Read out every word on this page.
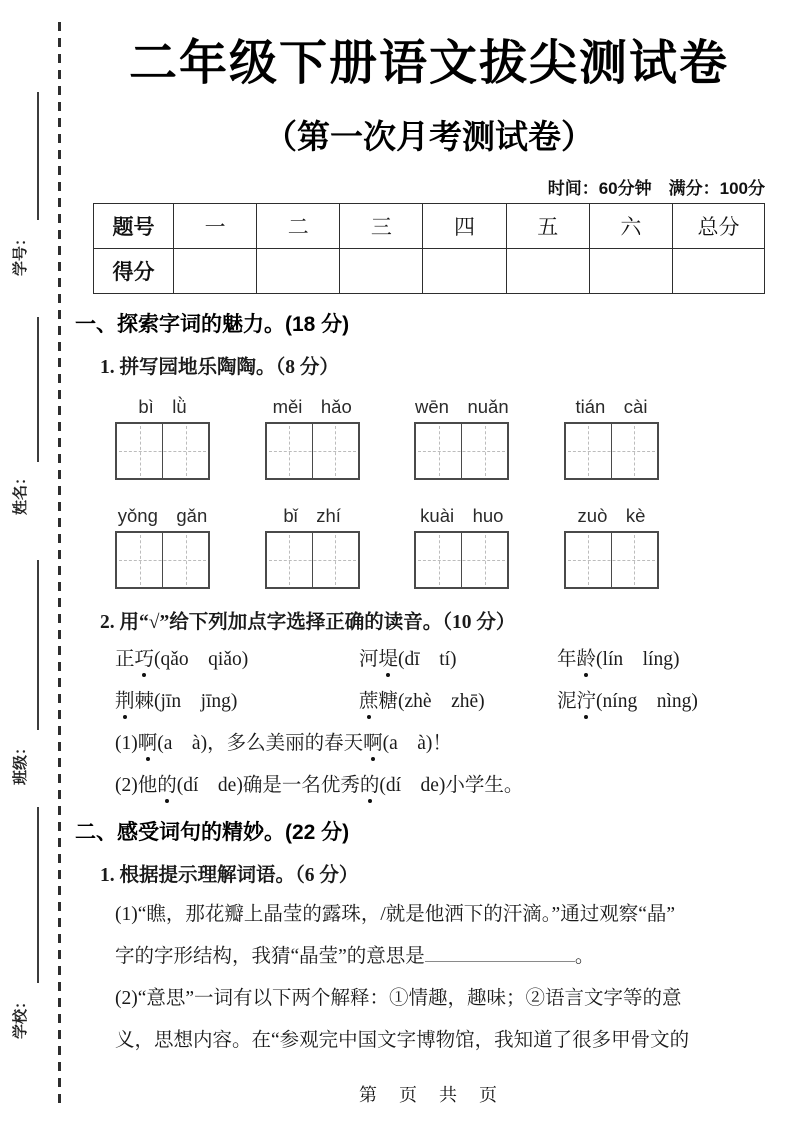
学号：
姓名：
班级：
学校：
二年级下册语文拔尖测试卷
（第一次月考测试卷）
时间：60分钟　满分：100分
题号	一	二	三	四	五	六	总分
得分							
一、探索字词的魅力。(18 分)
1. 拼写园地乐陶陶。（8 分）
bì　lǜ	měi　hǎo	wēn　nuǎn	tián　cài
yǒng　gǎn	bǐ　zhí	kuài　huo	zuò　kè
2. 用“√”给下列加点字选择正确的读音。（10 分）
正巧(qǎo　qiǎo)	河堤(dī　tí)	年龄(lín　líng)
荆棘(jīn　jīng)	蔗糖(zhè　zhē)	泥泞(níng　nìng)
(1)啊(a　à)，多么美丽的春天啊(a　à)！
(2)他的(dí　de)确是一名优秀的(dí　de)小学生。
二、感受词句的精妙。(22 分)
1. 根据提示理解词语。（6 分）
(1)“瞧，那花瓣上晶莹的露珠，/就是他洒下的汗滴。”通过观察“晶”
字的字形结构，我猜“晶莹”的意思是	。
(2)“意思”一词有以下两个解释：①情趣，趣味；②语言文字等的意
义，思想内容。在“参观完中国文字博物馆，我知道了很多甲骨文的
第　页　共　页
